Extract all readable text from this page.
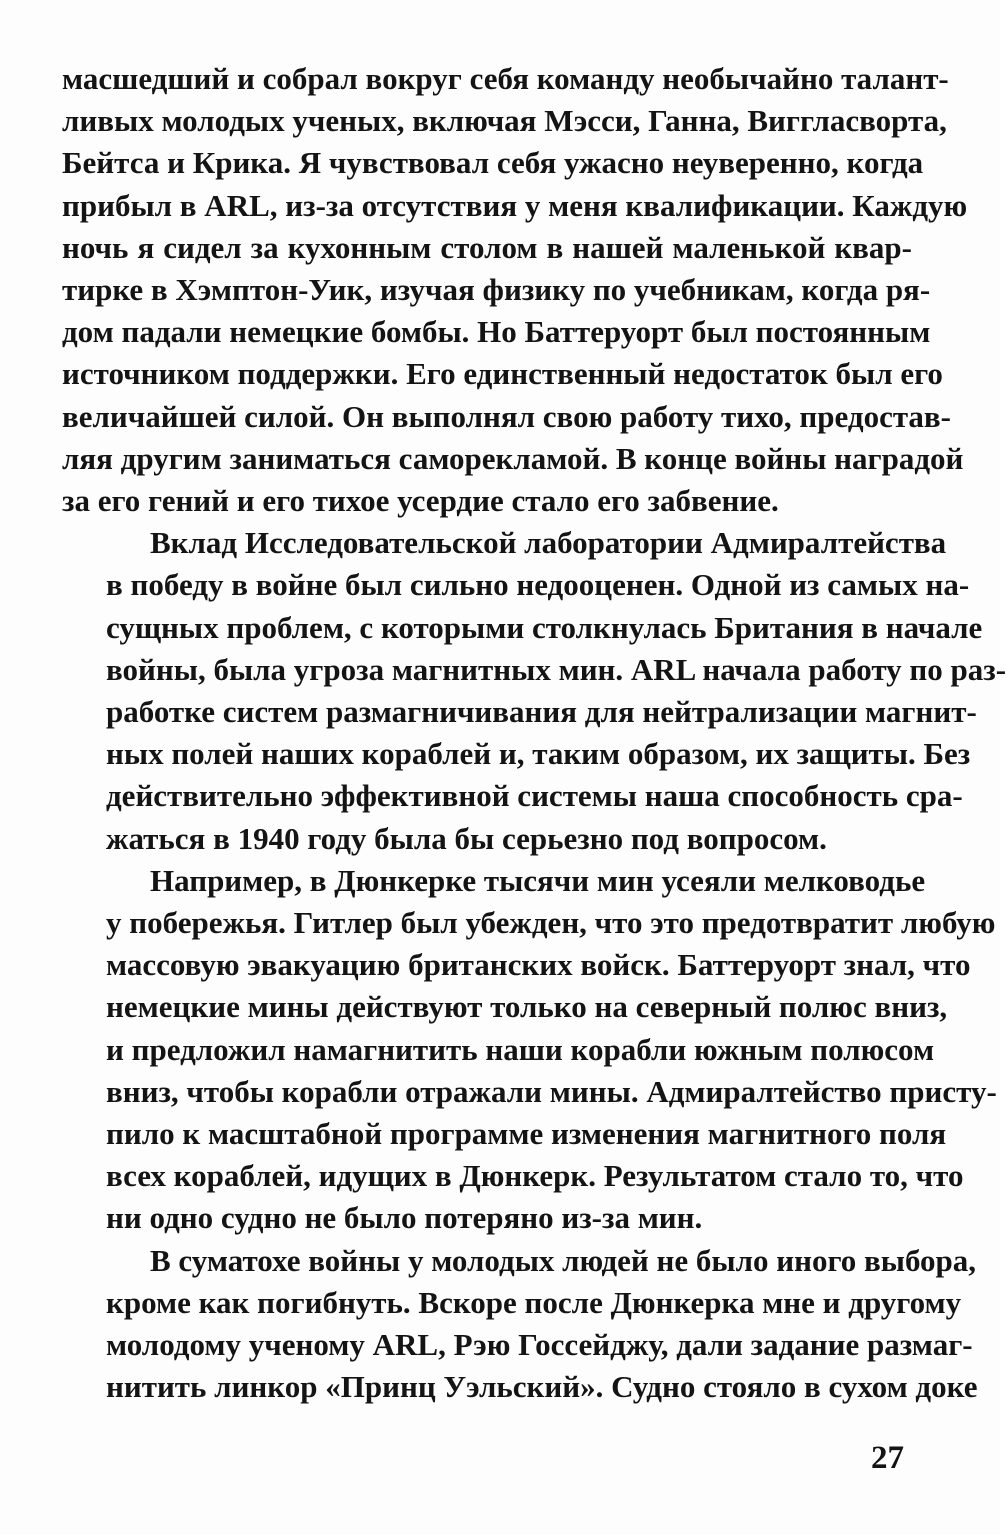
масшедший и собрал вокруг себя команду необычайно талант-
ливых молодых ученых, включая Мэсси, Ганна, Виггласворта,
Бейтса и Крика. Я чувствовал себя ужасно неуверенно, когда
прибыл в ARL, из-за отсутствия у меня квалификации. Каждую
ночь я сидел за кухонным столом в нашей маленькой квар-
тирке в Хэмптон-Уик, изучая физику по учебникам, когда ря-
дом падали немецкие бомбы. Но Баттеруорт был постоянным
источником поддержки. Его единственный недостаток был его
величайшей силой. Он выполнял свою работу тихо, предостав-
ляя другим заниматься саморекламой. В конце войны наградой
за его гений и его тихое усердие стало его забвение.
Вклад Исследовательской лаборатории Адмиралтейства
в победу в войне был сильно недооценен. Одной из самых на-
сущных проблем, с которыми столкнулась Британия в начале
войны, была угроза магнитных мин. ARL начала работу по раз-
работке систем размагничивания для нейтрализации магнит-
ных полей наших кораблей и, таким образом, их защиты. Без
действительно эффективной системы наша способность сра-
жаться в 1940 году была бы серьезно под вопросом.
Например, в Дюнкерке тысячи мин усеяли мелководье
у побережья. Гитлер был убежден, что это предотвратит любую
массовую эвакуацию британских войск. Баттеруорт знал, что
немецкие мины действуют только на северный полюс вниз,
и предложил намагнитить наши корабли южным полюсом
вниз, чтобы корабли отражали мины. Адмиралтейство присту-
пило к масштабной программе изменения магнитного поля
всех кораблей, идущих в Дюнкерк. Результатом стало то, что
ни одно судно не было потеряно из-за мин.
В суматохе войны у молодых людей не было иного выбора,
кроме как погибнуть. Вскоре после Дюнкерка мне и другому
молодому ученому ARL, Рэю Госсейджу, дали задание размаг-
нитить линкор «Принц Уэльский». Судно стояло в сухом доке
27
